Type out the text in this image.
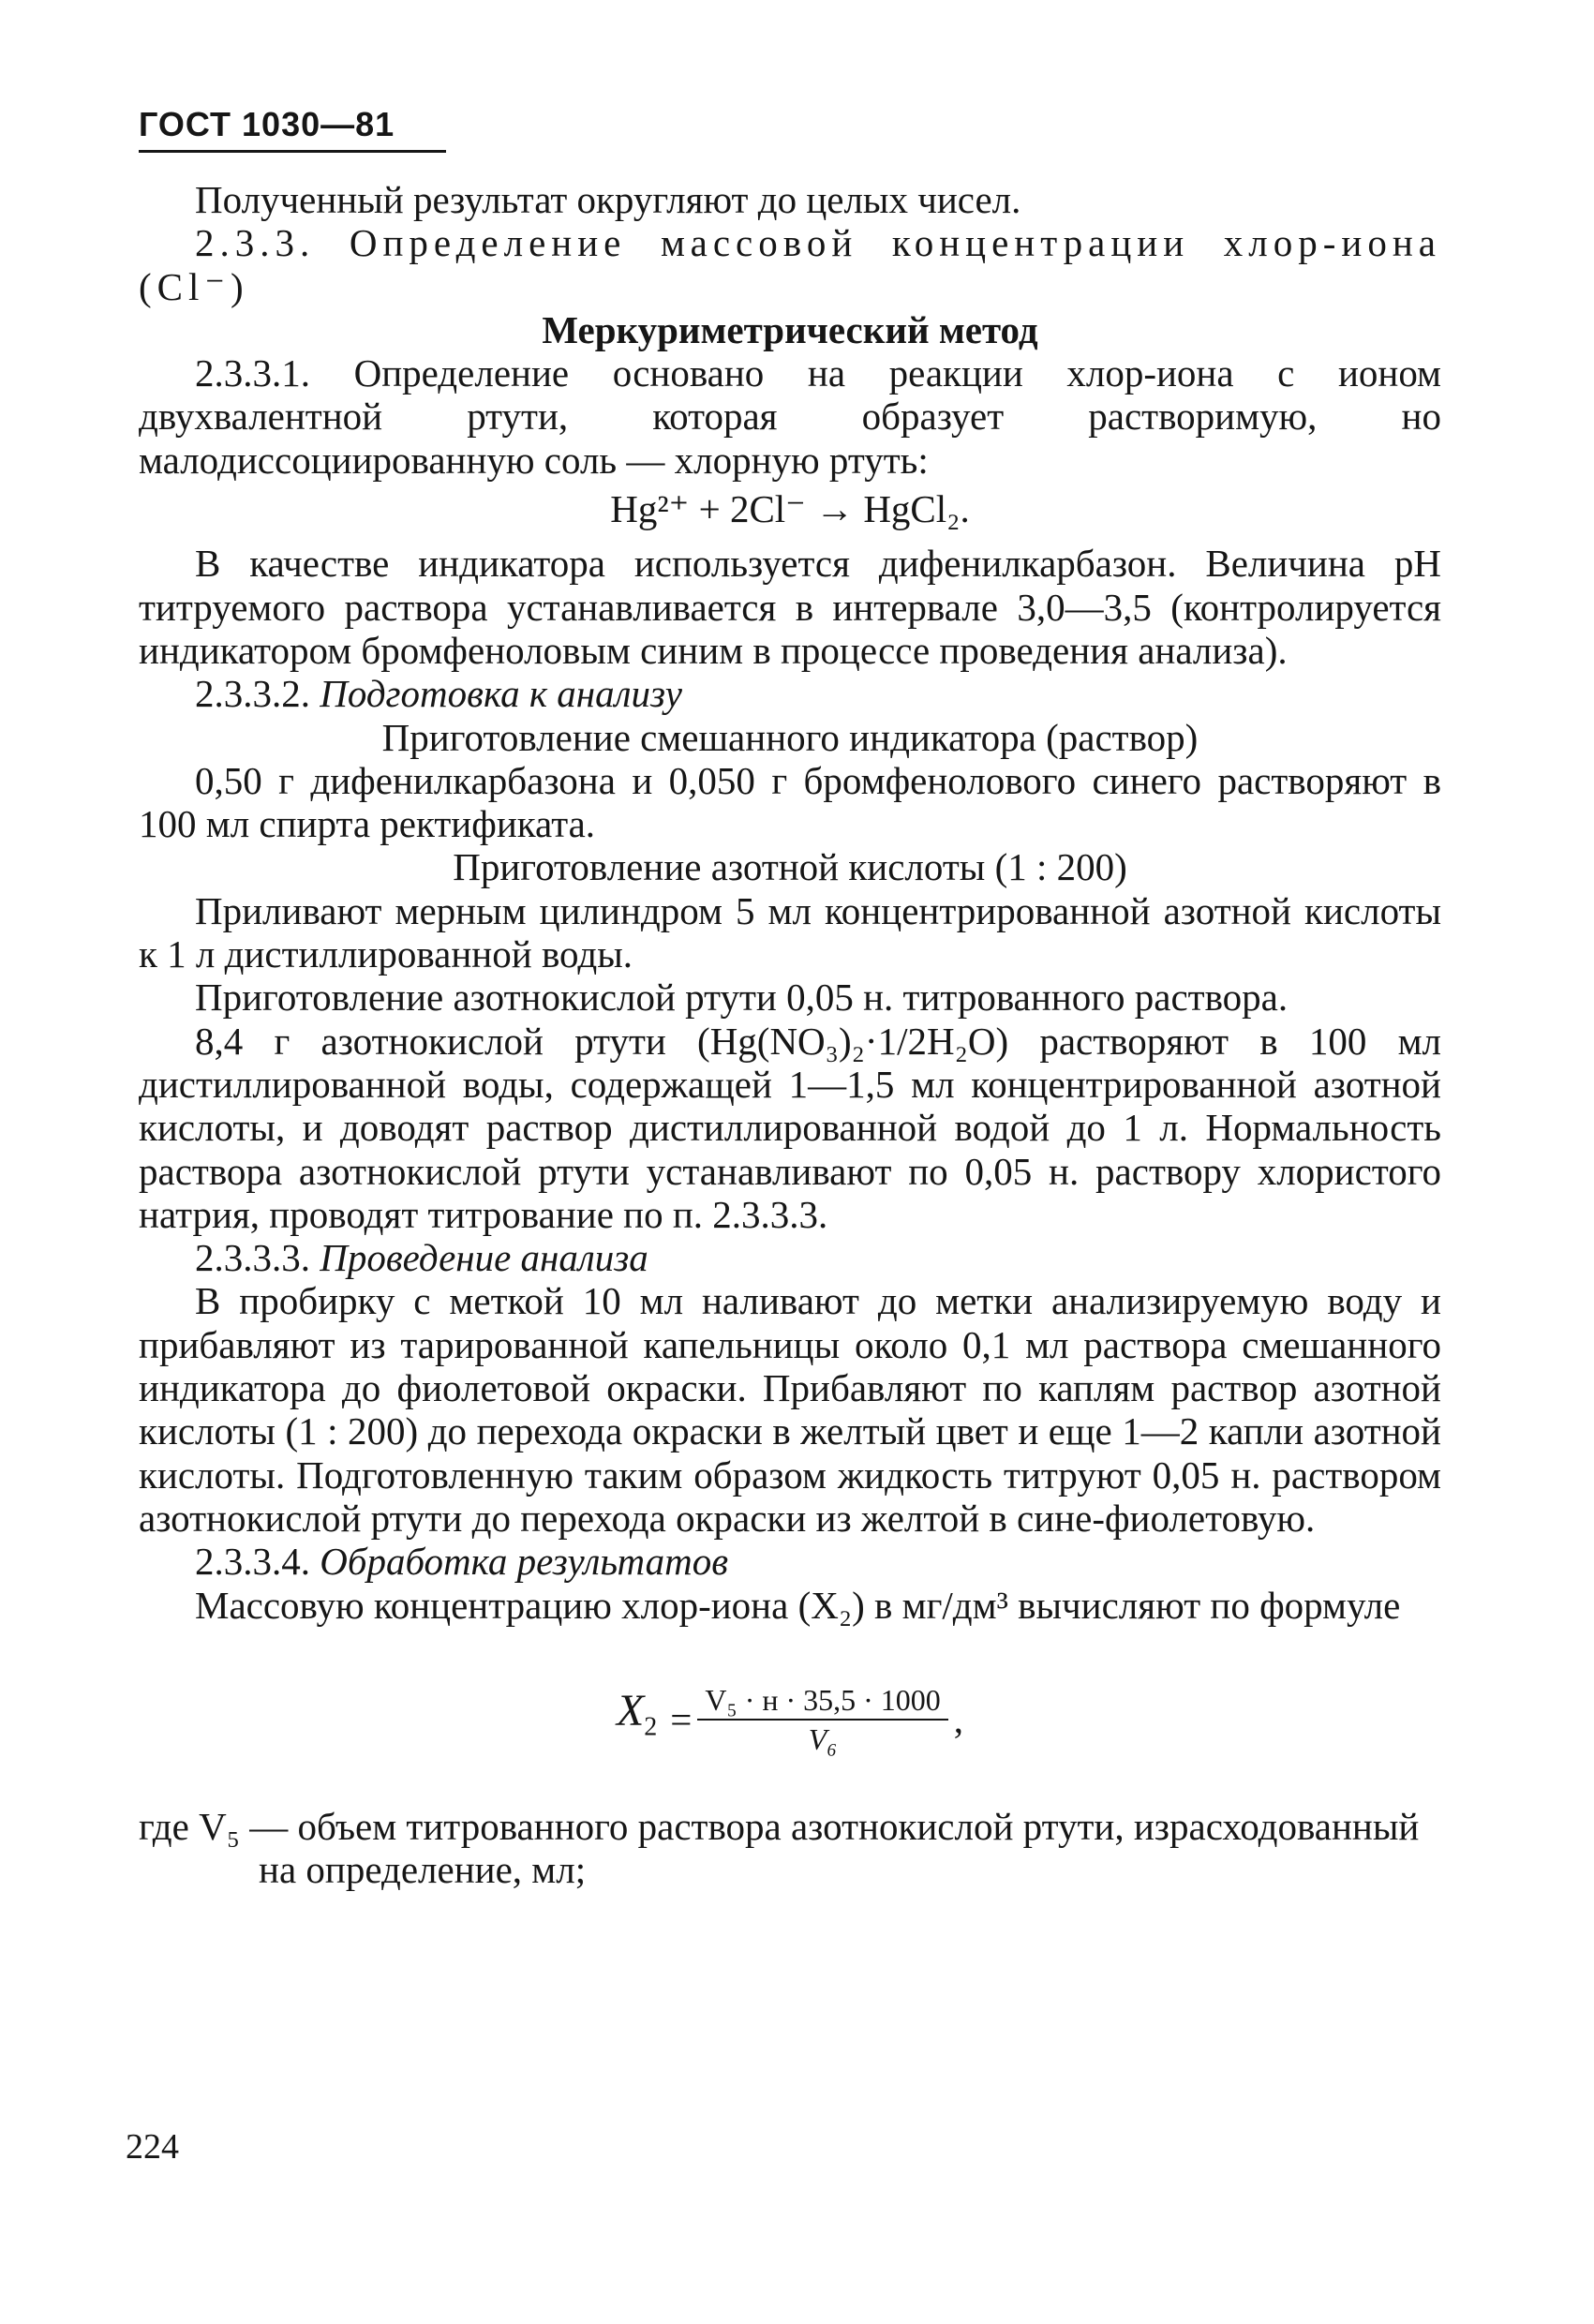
ГОСТ 1030—81

Полученный результат округляют до целых чисел.

2.3.3. Определение массовой концентрации хлор-иона (Cl⁻)

Меркуриметрический метод

2.3.3.1. Определение основано на реакции хлор-иона с ионом двухвалентной ртути, которая образует растворимую, но малодиссоциированную соль — хлорную ртуть:

Hg²⁺ + 2Cl⁻ → HgCl₂.

В качестве индикатора используется дифенилкарбазон. Величина pH титруемого раствора устанавливается в интервале 3,0—3,5 (контролируется индикатором бромфеноловым синим в процессе проведения анализа).

2.3.3.2. Подготовка к анализу

Приготовление смешанного индикатора (раствор)

0,50 г дифенилкарбазона и 0,050 г бромфенолового синего растворяют в 100 мл спирта ректификата.

Приготовление азотной кислоты (1 : 200)

Приливают мерным цилиндром 5 мл концентрированной азотной кислоты к 1 л дистиллированной воды.

Приготовление азотнокислой ртути 0,05 н. титрованного раствора.

8,4 г азотнокислой ртути (Hg(NO₃)₂·1/2H₂O) растворяют в 100 мл дистиллированной воды, содержащей 1—1,5 мл концентрированной азотной кислоты, и доводят раствор дистиллированной водой до 1 л. Нормальность раствора азотнокислой ртути устанавливают по 0,05 н. раствору хлористого натрия, проводят титрование по п. 2.3.3.3.

2.3.3.3. Проведение анализа

В пробирку с меткой 10 мл наливают до метки анализируемую воду и прибавляют из тарированной капельницы около 0,1 мл раствора смешанного индикатора до фиолетовой окраски. Прибавляют по каплям раствор азотной кислоты (1 : 200) до перехода окраски в желтый цвет и еще 1—2 капли азотной кислоты. Подготовленную таким образом жидкость титруют 0,05 н. раствором азотнокислой ртути до перехода окраски из желтой в сине-фиолетовую.

2.3.3.4. Обработка результатов

Массовую концентрацию хлор-иона (X₂) в мг/дм³ вычисляют по формуле

$X_2 = \frac{\text{V₅ · н · 35,5 · 1000}}{\text{V₆}}$ ,

где V₅ — объем титрованного раствора азотнокислой ртути, израсходованный на определение, мл;

224
